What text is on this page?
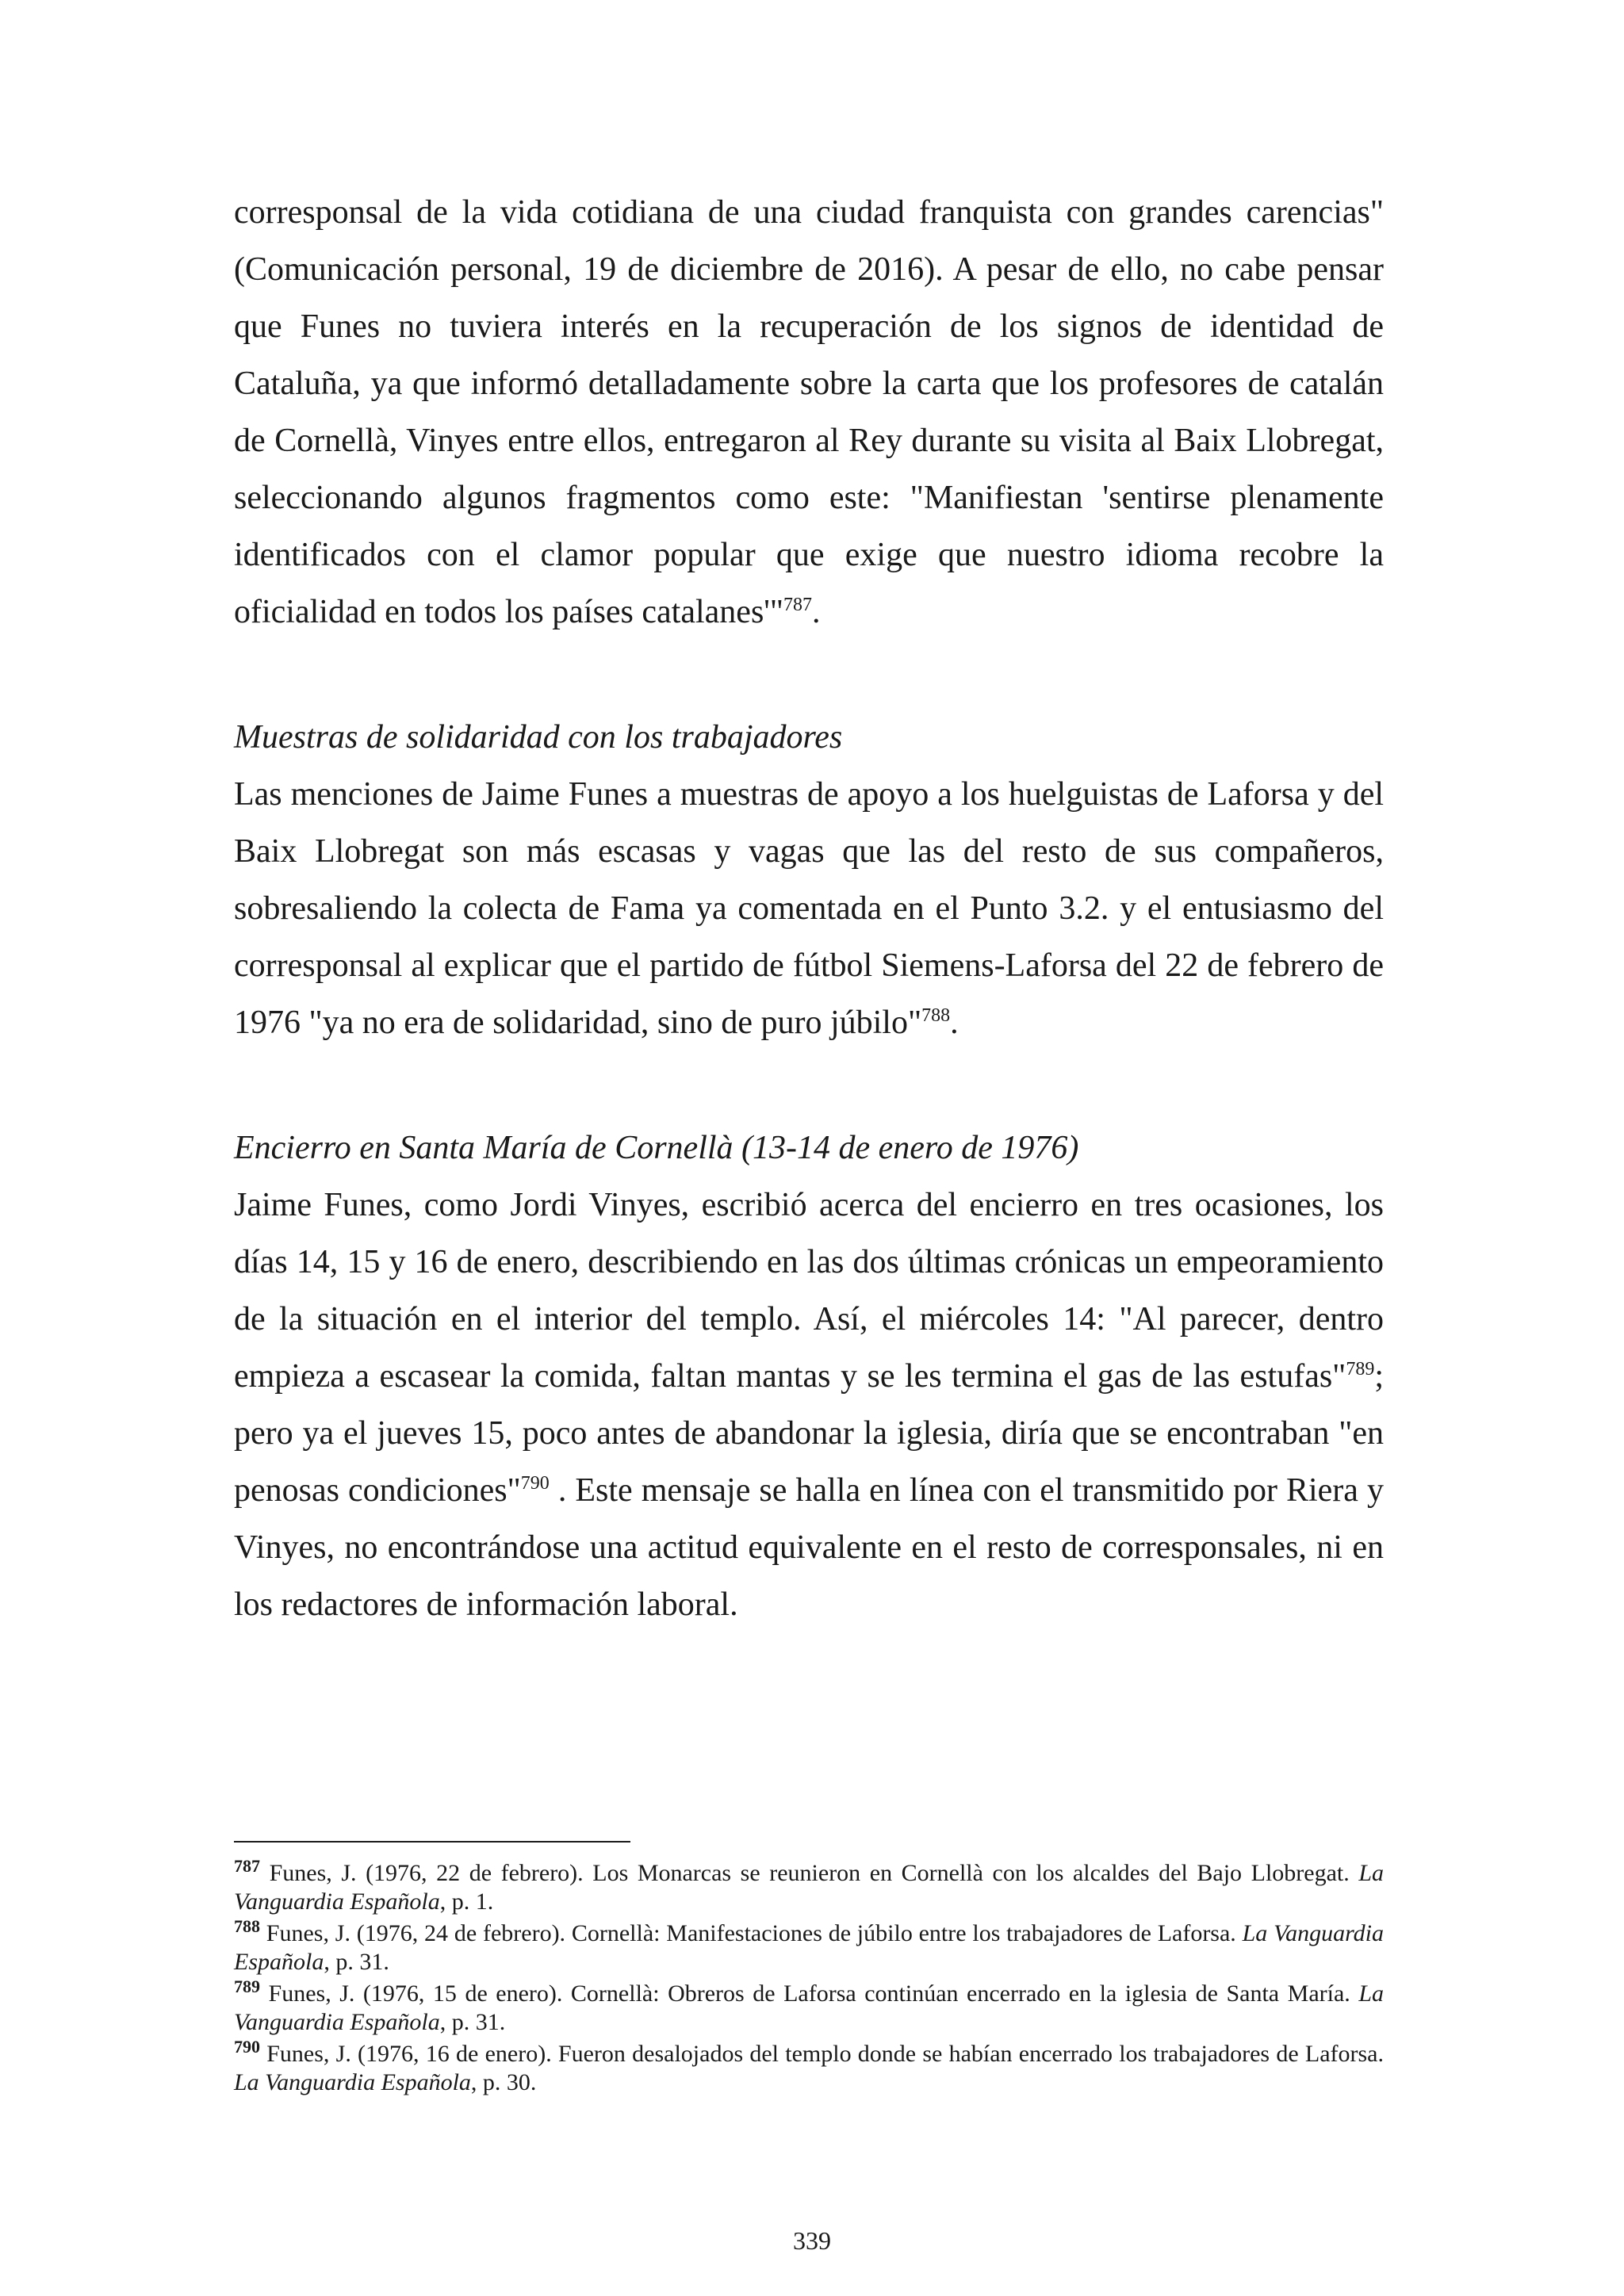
corresponsal de la vida cotidiana de una ciudad franquista con grandes carencias" (Comunicación personal, 19 de diciembre de 2016). A pesar de ello, no cabe pensar que Funes no tuviera interés en la recuperación de los signos de identidad de Cataluña, ya que informó detalladamente sobre la carta que los profesores de catalán de Cornellà, Vinyes entre ellos, entregaron al Rey durante su visita al Baix Llobregat, seleccionando algunos fragmentos como este: "Manifiestan 'sentirse plenamente identificados con el clamor popular que exige que nuestro idioma recobre la oficialidad en todos los países catalanes'"$^{787}$.

Muestras de solidaridad con los trabajadores

Las menciones de Jaime Funes a muestras de apoyo a los huelguistas de Laforsa y del Baix Llobregat son más escasas y vagas que las del resto de sus compañeros, sobresaliendo la colecta de Fama ya comentada en el Punto 3.2. y el entusiasmo del corresponsal al explicar que el partido de fútbol Siemens-Laforsa del 22 de febrero de 1976 "ya no era de solidaridad, sino de puro júbilo"$^{788}$.

Encierro en Santa María de Cornellà (13-14 de enero de 1976)

Jaime Funes, como Jordi Vinyes, escribió acerca del encierro en tres ocasiones, los días 14, 15 y 16 de enero, describiendo en las dos últimas crónicas un empeoramiento de la situación en el interior del templo. Así, el miércoles 14: "Al parecer, dentro empieza a escasear la comida, faltan mantas y se les termina el gas de las estufas"$^{789}$; pero ya el jueves 15, poco antes de abandonar la iglesia, diría que se encontraban "en penosas condiciones"$^{790}$ . Este mensaje se halla en línea con el transmitido por Riera y Vinyes, no encontrándose una actitud equivalente en el resto de corresponsales, ni en los redactores de información laboral.

$^{787}$ Funes, J. (1976, 22 de febrero). Los Monarcas se reunieron en Cornellà con los alcaldes del Bajo Llobregat. La Vanguardia Española, p. 1.

$^{788}$ Funes, J. (1976, 24 de febrero). Cornellà: Manifestaciones de júbilo entre los trabajadores de Laforsa. La Vanguardia Española, p. 31.

$^{789}$ Funes, J. (1976, 15 de enero). Cornellà: Obreros de Laforsa continúan encerrado en la iglesia de Santa María. La Vanguardia Española, p. 31.

$^{790}$ Funes, J. (1976, 16 de enero). Fueron desalojados del templo donde se habían encerrado los trabajadores de Laforsa. La Vanguardia Española, p. 30.

339
